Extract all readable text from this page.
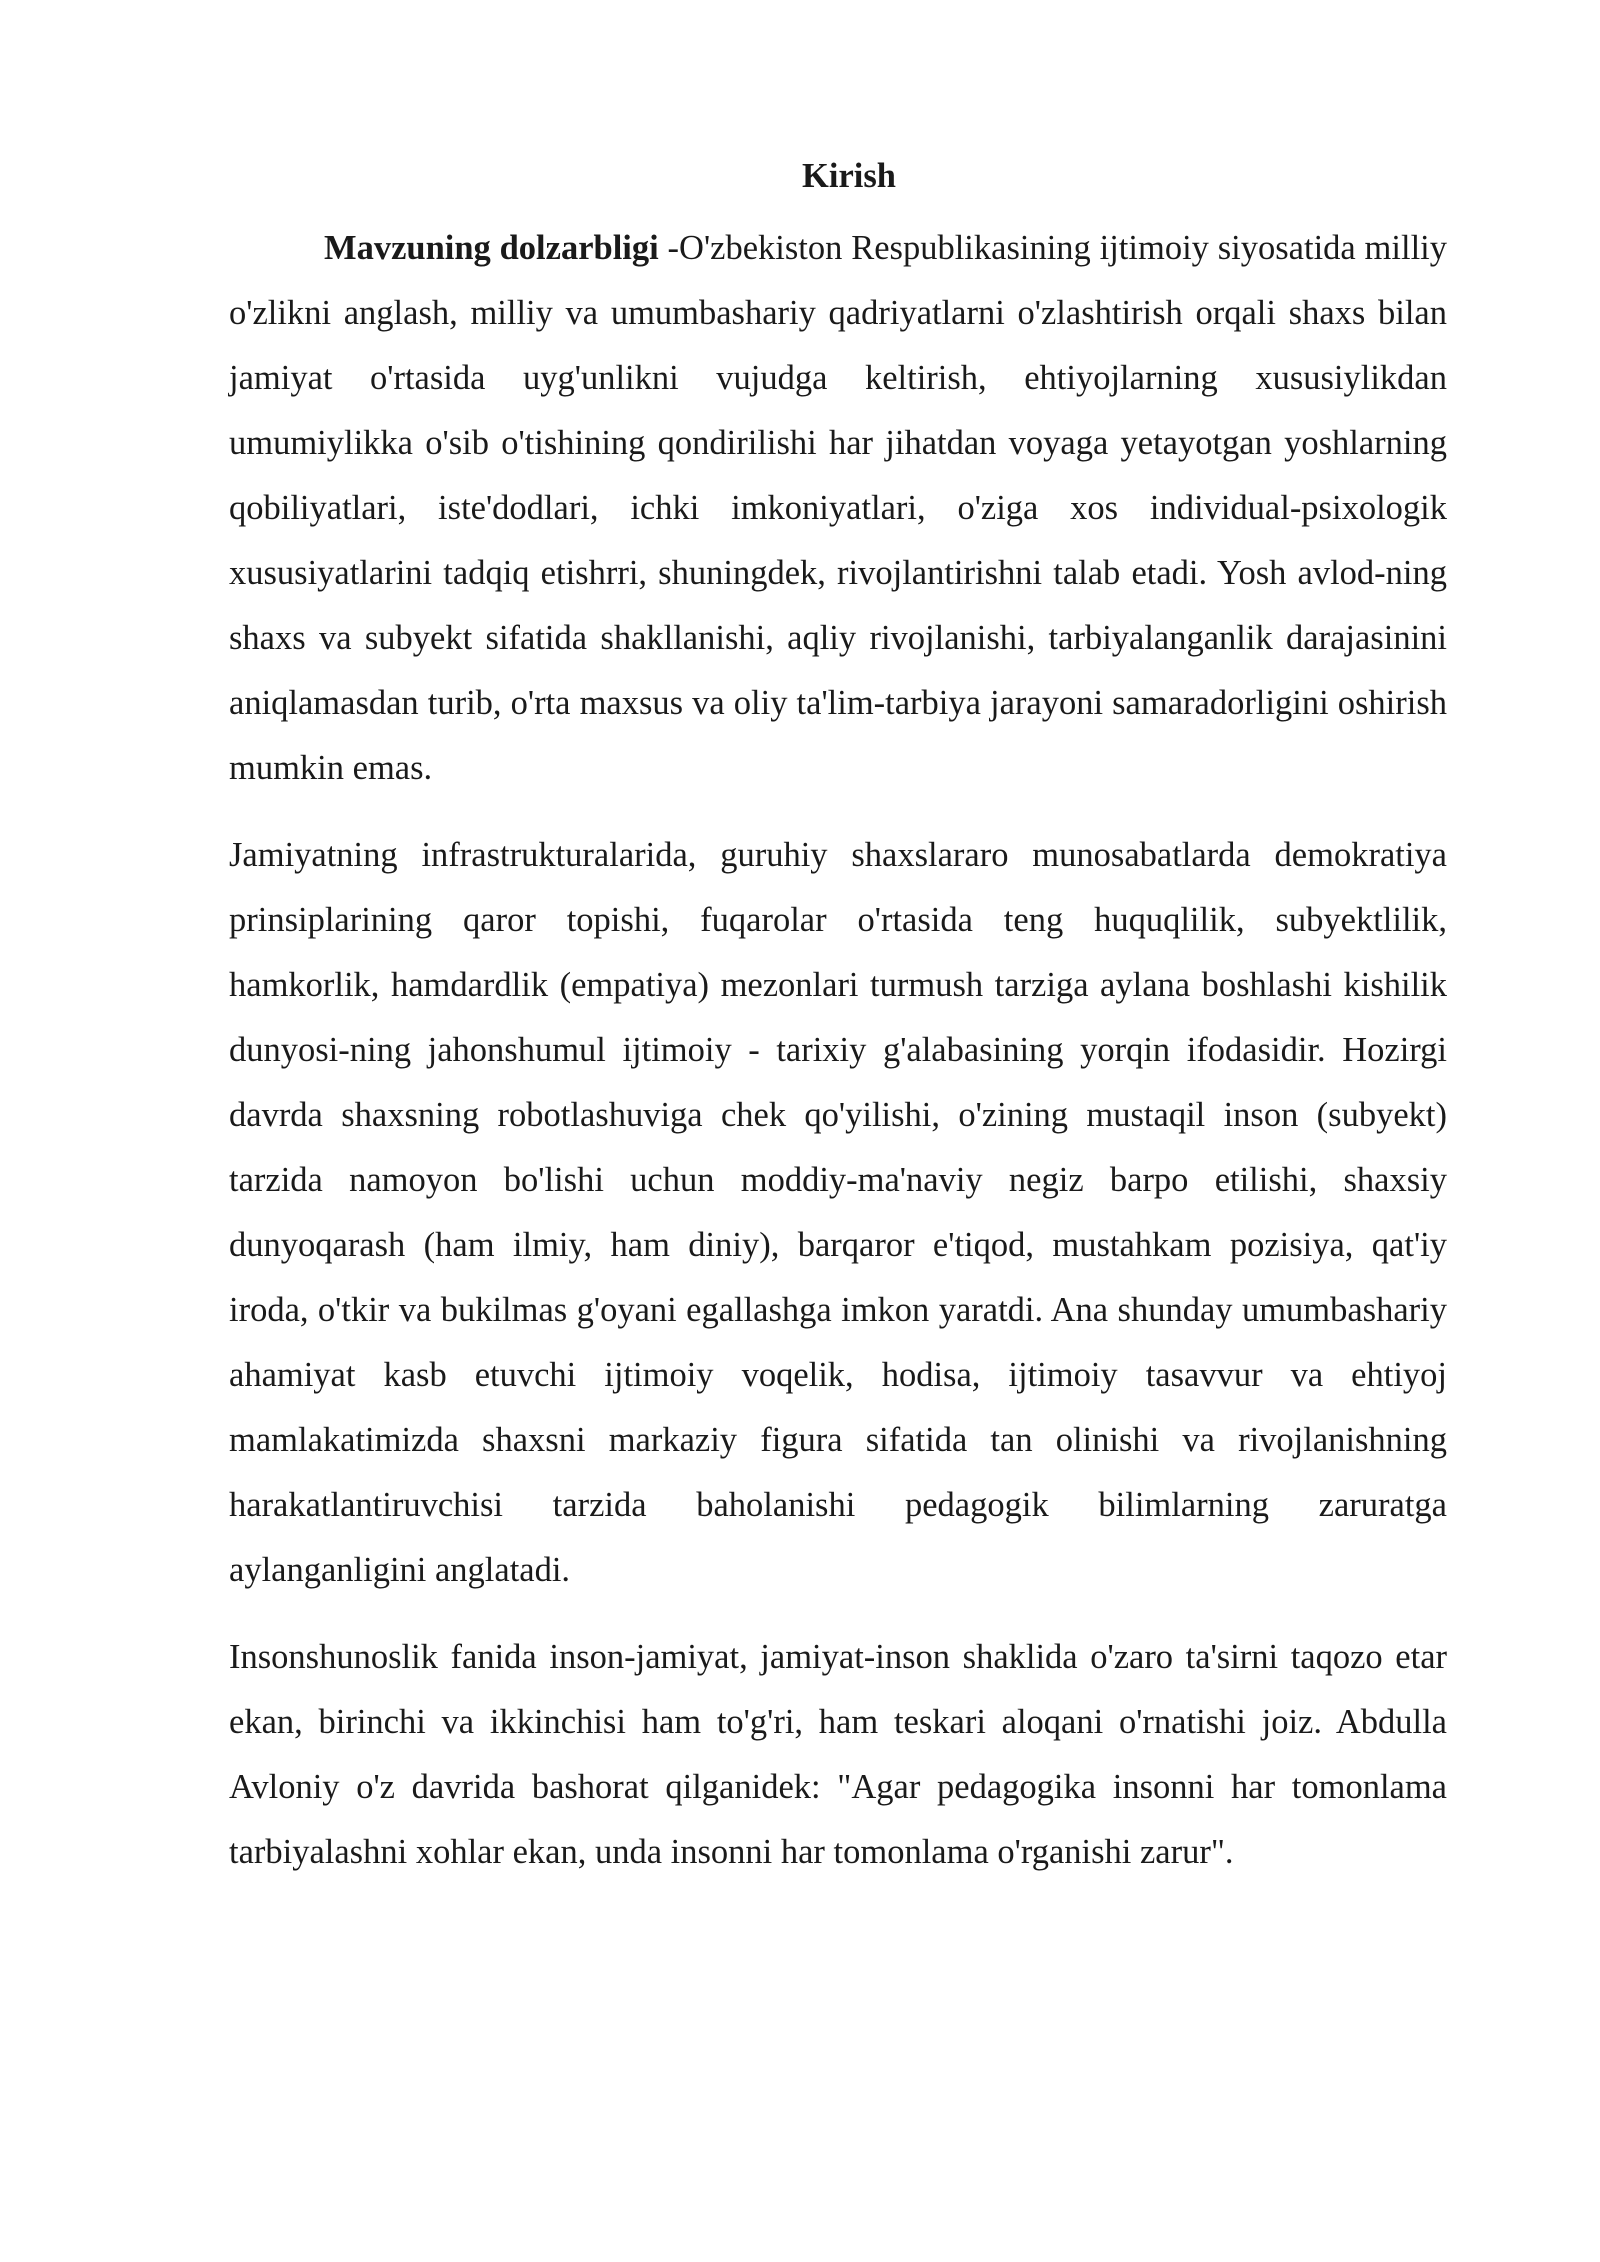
Kirish

Mavzuning dolzarbligi -O'zbekiston Respublikasining ijtimoiy siyosatida milliy o'zlikni anglash, milliy va umumbashariy qadriyatlarni o'zlashtirish orqali shaxs bilan jamiyat o'rtasida uyg'unlikni vujudga keltirish, ehtiyojlarning xususiylikdan umumiylikka o'sib o'tishining qondirilishi har jihatdan voyaga yetayotgan yoshlarning qobiliyatlari, iste'dodlari, ichki imkoniyatlari, o'ziga xos individual-psixologik xususiyatlarini tadqiq etishrri, shuningdek, rivojlantirishni talab etadi. Yosh avlod-ning shaxs va subyekt sifatida shakllanishi, aqliy rivojlanishi, tarbiyalanganlik darajasinini aniqlamasdan turib, o'rta maxsus va oliy ta'lim-tarbiya jarayoni samaradorligini oshirish mumkin emas.

Jamiyatning infrastrukturalarida, guruhiy shaxslararo munosabatlarda demokratiya prinsiplarining qaror topishi, fuqarolar o'rtasida teng huquqlilik, subyektlilik, hamkorlik, hamdardlik (empatiya) mezonlari turmush tarziga aylana boshlashi kishilik dunyosi-ning jahonshumul ijtimoiy - tarixiy g'alabasining yorqin ifodasidir. Hozirgi davrda shaxsning robotlashuviga chek qo'yilishi, o'zining mustaqil inson (subyekt) tarzida namoyon bo'lishi uchun moddiy-ma'naviy negiz barpo etilishi, shaxsiy dunyoqarash (ham ilmiy, ham diniy), barqaror e'tiqod, mustahkam pozisiya, qat'iy iroda, o'tkir va bukilmas g'oyani egallashga imkon yaratdi. Ana shunday umumbashariy ahamiyat kasb etuvchi ijtimoiy voqelik, hodisa, ijtimoiy tasavvur va ehtiyoj mamlakatimizda shaxsni markaziy figura sifatida tan olinishi va rivojlanishning harakatlantiruvchisi tarzida baholanishi pedagogik bilimlarning zaruratga aylanganligini anglatadi.

Insonshunoslik fanida inson-jamiyat, jamiyat-inson shaklida o'zaro ta'sirni taqozo etar ekan, birinchi va ikkinchisi ham to'g'ri, ham teskari aloqani o'rnatishi joiz. Abdulla Avloniy o'z davrida bashorat qilganidek: "Agar pedagogika insonni har tomonlama tarbiyalashni xohlar ekan, unda insonni har tomonlama o'rganishi zarur".
